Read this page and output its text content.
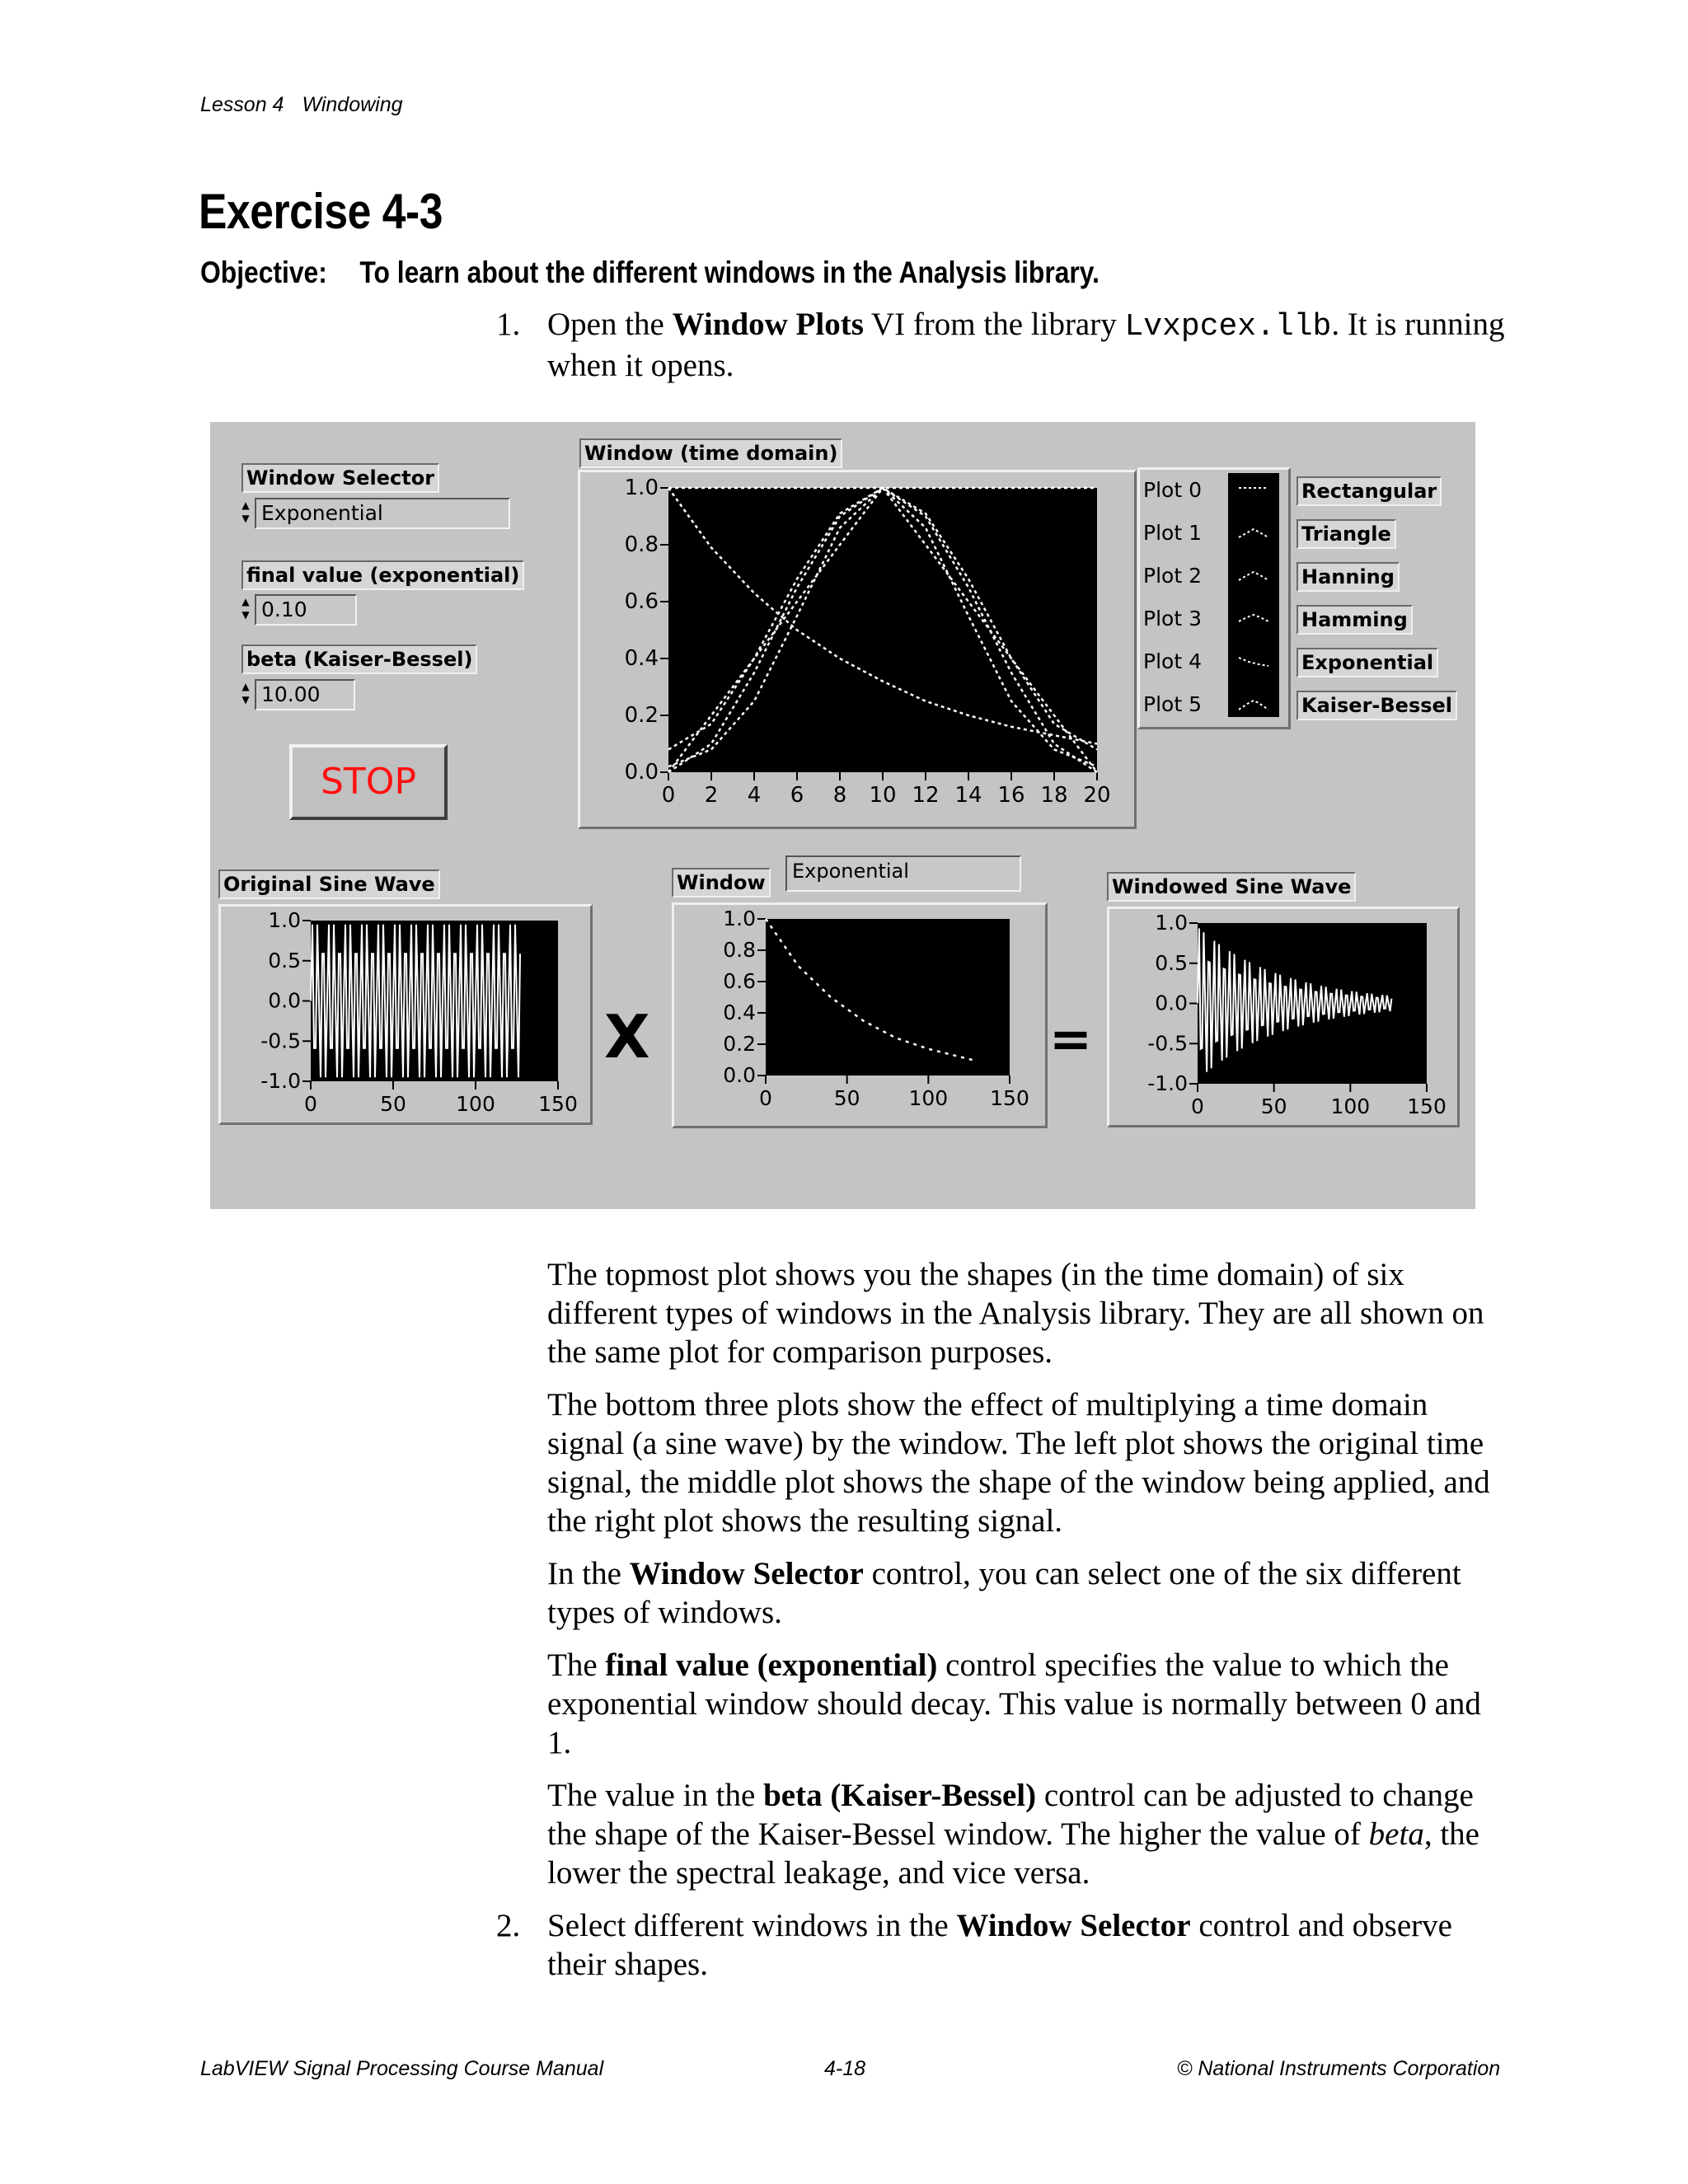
Lesson 4 Windowing
Exercise 4-3
Objective: To learn about the different windows in the Analysis library.
1. Open the Window Plots VI from the library Lvxpcex.llb. It is running when it opens.
Window Selector
▲
▼ Exponential
final value (exponential)
▲
▼ 0.10
beta (Kaiser-Bessel)
▲
▼ 10.00
STOP
Window (time domain)
0 2 4 6 8 10 12 14 16 18 20
1.0
0.8
0.6
0.4
0.2
0.0
Original Sine Wave
0	50 100 150
1.0
0.5
0.0
-0.5
-1.0
X
Window	Exponential
0	50 100 150
1.0
0.8
0.6
0.4
0.2
0.0
=
Windowed Sine Wave
0	50 100 150
1.0
0.5
0.0
-0.5
-1.0
Plot 0	Rectangular
Plot 1	Triangle
Plot 2	Hanning
Plot 3	Hamming
Plot 4	Exponential
Plot 5	Kaiser-Bessel
The topmost plot shows you the shapes (in the time domain) of six different types of windows in the Analysis library. They are all shown on the same plot for comparison purposes.
The bottom three plots show the effect of multiplying a time domain signal (a sine wave) by the window. The left plot shows the original time signal, the middle plot shows the shape of the window being applied, and the right plot shows the resulting signal.
In the Window Selector control, you can select one of the six different types of windows.
The final value (exponential) control specifies the value to which the exponential window should decay. This value is normally between 0 and 1.
The value in the beta (Kaiser-Bessel) control can be adjusted to change the shape of the Kaiser-Bessel window. The higher the value of beta, the lower the spectral leakage, and vice versa.
2. Select different windows in the Window Selector control and observe their shapes.
LabVIEW Signal Processing Course Manual	4-18	© National Instruments Corporation
